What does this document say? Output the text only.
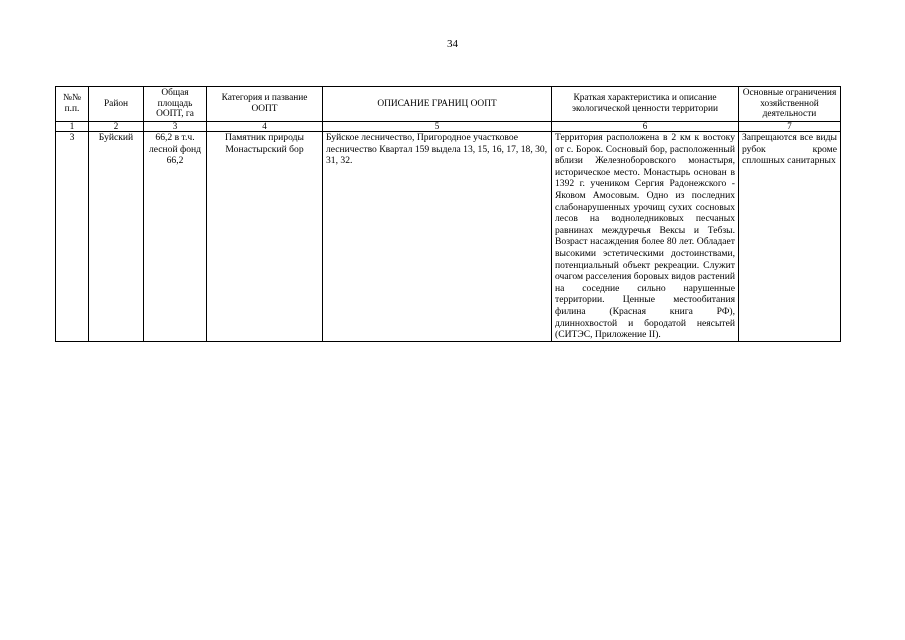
34
№№ п.п.	Район	Общая площадь ООПТ, га	Категория и пазвание ООПТ	ОПИСАНИЕ ГРАНИЦ ООПТ	Краткая характеристика и описание экологической ценности территории	Основные ограничения хозяйственной деятельности
1	2	3	4	5	6	7
3	Буйский	66,2 в т.ч. лесной фонд 66,2	Памятник природы Монастырский бор	Буйское лесничество, Пригородное участковое лесничество Квартал 159 выдела 13, 15, 16, 17, 18, 30, 31, 32.	Территория расположена в 2 км к востоку от с. Борок. Сосновый бор, расположенный вблизи Железноборовского монастыря, историческое место. Монастырь основан в 1392 г. учеником Сергия Радонежского - Яковом Амосовым. Одно из последних слабонарушенных урочищ сухих сосновых лесов на водноледниковых песчаных равнинах междуречья Вексы и Тебзы. Возраст насаждения более 80 лет. Обладает высокими эстетическими достоинствами, потенциальный объект рекреации. Служит очагом расселения боровых видов растений на соседние сильно нарушенные территории. Ценные местообитания филина (Красная книга РФ), длиннохвостой и бородатой неясытей (СИТЭС, Приложение II).	Запрещаются все виды рубок кроме сплошных санитарных
